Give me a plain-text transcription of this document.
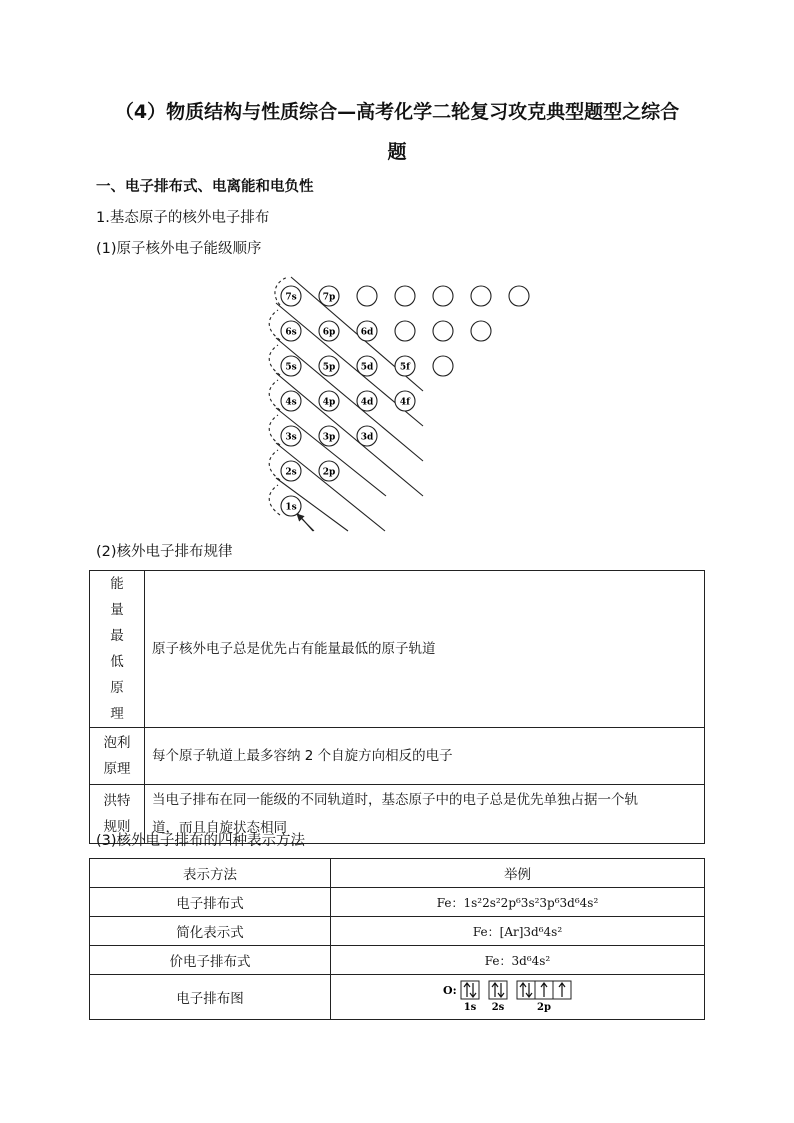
（4）物质结构与性质综合—高考化学二轮复习攻克典型题型之综合
题
一、电子排布式、电离能和电负性
1.基态原子的核外电子排布
(1)原子核外电子能级顺序
7s	7p
6s	6p	6d
5s	5p	5d	5f
4s	4p	4d	4f
3s	3p	3d
2s	2p
1s
(2)核外电子排布规律
能量最低原理	原子核外电子总是优先占有能量最低的原子轨道

泡利原理	每个原子轨道上最多容纳 2 个自旋方向相反的电子

洪特规则	当电子排布在同一能级的不同轨道时，基态原子中的电子总是优先单独占据一个轨
道，而且自旋状态相同
(3)核外电子排布的四种表示方法
表示方法	举例
电子排布式	Fe：1s²2s²2p⁶3s²3p⁶3d⁶4s²
简化表示式	Fe：[Ar]3d⁶4s²
价电子排布式	Fe：3d⁶4s²
电子排布图	O:
1s 2s 2p
